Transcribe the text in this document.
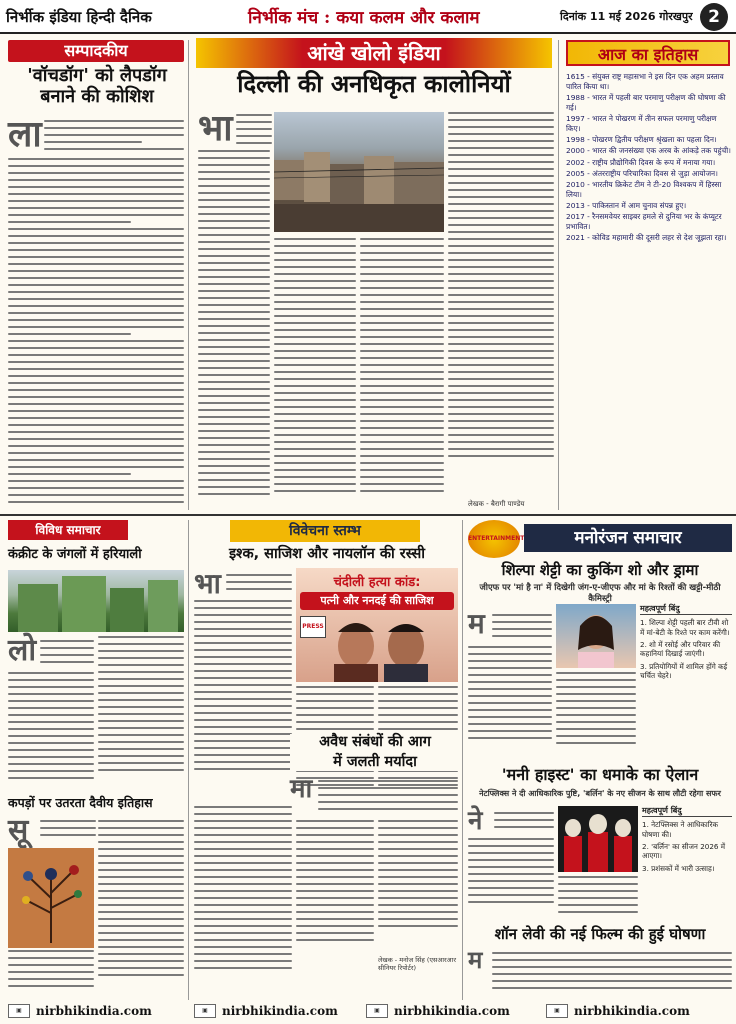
निर्भीक इंडिया हिन्दी दैनिक	निर्भीक मंच : कया कलम और कलाम	दिनांक 11 मई 2026 गोरखपुर 2
सम्पादकीय
'वॉचडॉग' को लैपडॉग बनाने की कोशिश
ला
आंखे खोलो इंडिया
दिल्ली की अनधिकृत कालोनियों
भा
लेखक - बैरागी पाण्डेय
आज का इतिहास

1615 - संयुक्त राष्ट्र महासभा ने इस दिन एक अहम प्रस्ताव पारित किया था।

1988 - भारत में पहली बार परमाणु परीक्षण की घोषणा की गई।

1997 - भारत ने पोखरण में तीन सफल परमाणु परीक्षण किए।

1998 - पोखरण द्वितीय परीक्षण श्रृंखला का पहला दिन।

2000 - भारत की जनसंख्या एक अरब के आंकड़े तक पहुंची।

2002 - राष्ट्रीय प्रौद्योगिकी दिवस के रूप में मनाया गया।

2005 - अंतरराष्ट्रीय परिचारिका दिवस से जुड़ा आयोजन।

2010 - भारतीय क्रिकेट टीम ने टी-20 विश्वकप में हिस्सा लिया।

2013 - पाकिस्तान में आम चुनाव संपन्न हुए।

2017 - रैनसमवेयर साइबर हमले से दुनिया भर के कंप्यूटर प्रभावित।

2021 - कोविड महामारी की दूसरी लहर से देश जूझता रहा।

विविध समाचार
कंक्रीट के जंगलों में हरियाली
लो
कपड़ों पर उतरता दैवीय इतिहास
सू
विवेचना स्तम्भ
इश्क, साजिश और नायलॉन की रस्सी
भा	चंदीली हत्या कांड:
पत्नी और ननदई की साजिश
PRESS
अवैध संबंधों की आग
में जलती मर्यादा
मा
लेखक - मनोज सिंह (एसआरआर सीनियर रिपोर्टर)
ENTERTAINMENT	मनोरंजन समाचार
शिल्पा शेट्टी का कुकिंग शो और ड्रामा
जीएफ पर 'मां है ना' में दिखेगी जंग-ए-जीएफ और मां के रिश्तों की खट्टी-मीठी कैमिस्ट्री
म	महत्वपूर्ण बिंदु

1. शिल्पा शेट्टी पहली बार टीवी शो में मां-बेटी के रिश्ते पर काम करेंगी।

2. शो में रसोई और परिवार की कहानियां दिखाई जाएंगी।

3. प्रतियोगियों में शामिल होंगे कई चर्चित चेहरे।

'मनी हाइस्ट' का धमाके का ऐलान
नेटफ्लिक्स ने दी आधिकारिक पुष्टि, 'बर्लिन' के नए सीजन के साथ लौटी रहेगा सफर
ने	महत्वपूर्ण बिंदु

1. नेटफ्लिक्स ने आधिकारिक घोषणा की।

2. 'बर्लिन' का सीजन 2026 में आएगा।

3. प्रशंसकों में भारी उत्साह।

शॉन लेवी की नई फिल्म की हुई घोषणा
म
▣	nirbhikindia.com	▣	nirbhikindia.com	▣	nirbhikindia.com	▣	nirbhikindia.com
